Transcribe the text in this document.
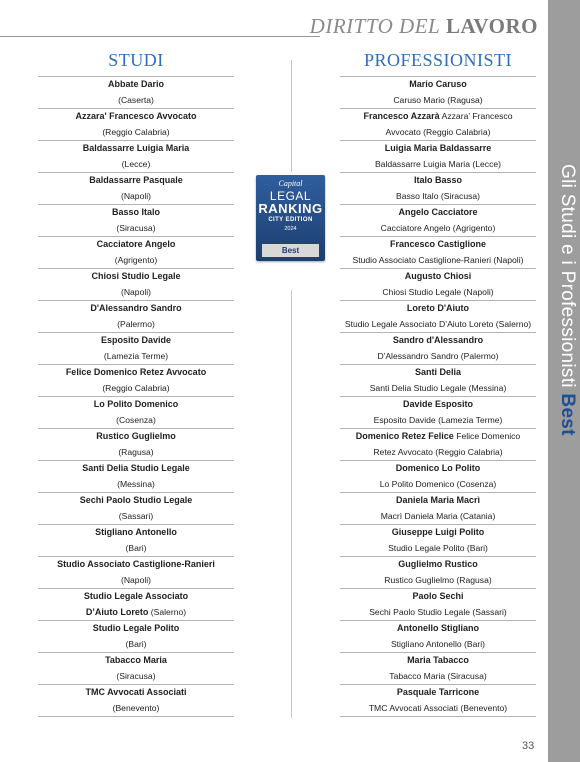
DIRITTO DEL LAVORO
Gli Studi e i Professionisti Best
STUDI	PROFESSIONISTI
Abbate Dario
(Caserta)
Azzara' Francesco Avvocato
(Reggio Calabria)
Baldassarre Luigia Maria
(Lecce)
Baldassarre Pasquale
(Napoli)
Basso Italo
(Siracusa)
Cacciatore Angelo
(Agrigento)
Chiosi Studio Legale
(Napoli)
D'Alessandro Sandro
(Palermo)
Esposito Davide
(Lamezia Terme)
Felice Domenico Retez Avvocato
(Reggio Calabria)
Lo Polito Domenico
(Cosenza)
Rustico Guglielmo
(Ragusa)
Santi Delia Studio Legale
(Messina)
Sechi Paolo Studio Legale
(Sassari)
Stigliano Antonello
(Bari)
Studio Associato Castiglione-Ranieri
(Napoli)
Studio Legale Associato
D’Aiuto Loreto (Salerno)
Studio Legale Polito
(Bari)
Tabacco Maria
(Siracusa)
TMC Avvocati Associati
(Benevento)
Mario Caruso
Caruso Mario (Ragusa)
Francesco Azzarà Azzara' Francesco
Avvocato (Reggio Calabria)
Luigia Maria Baldassarre
Baldassarre Luigia Maria (Lecce)
Italo Basso
Basso Italo (Siracusa)
Angelo Cacciatore
Cacciatore Angelo (Agrigento)
Francesco Castiglione
Studio Associato Castiglione-Ranieri (Napoli)
Augusto Chiosi
Chiosi Studio Legale (Napoli)
Loreto D'Aiuto
Studio Legale Associato D’Aiuto Loreto (Salerno)
Sandro d'Alessandro
D'Alessandro Sandro (Palermo)
Santi Delia
Santi Delia Studio Legale (Messina)
Davide Esposito
Esposito Davide (Lamezia Terme)
Domenico Retez Felice Felice Domenico
Retez Avvocato (Reggio Calabria)
Domenico Lo Polito
Lo Polito Domenico (Cosenza)
Daniela Maria Macrì
Macrì Daniela Maria (Catania)
Giuseppe Luigi Polito
Studio Legale Polito (Bari)
Guglielmo Rustico
Rustico Guglielmo (Ragusa)
Paolo Sechi
Sechi Paolo Studio Legale (Sassari)
Antonello Stigliano
Stigliano Antonello (Bari)
Maria Tabacco
Tabacco Maria (Siracusa)
Pasquale Tarricone
TMC Avvocati Associati (Benevento)
Capital
LEGAL
RANKING
CITY EDITION
2024
Best
33
